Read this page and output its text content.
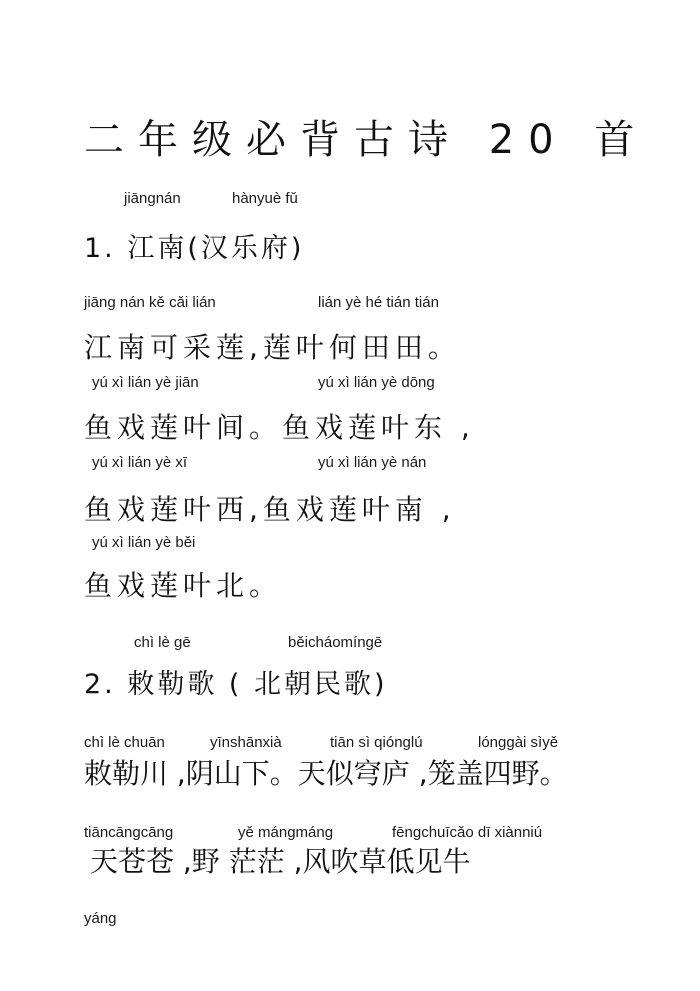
二年级必背古诗 20 首
jiāngnán	hànyuè fǔ
1. 江南(汉乐府)
jiāng nán kě cǎi lián	lián yè hé tián tián
江南可采莲,莲叶何田田。
yú xì lián yè jiān	yú xì lián yè dōng
鱼戏莲叶间。鱼戏莲叶东 ,
yú xì lián yè xī	yú xì lián yè nán
鱼戏莲叶西,鱼戏莲叶南 ,
yú xì lián yè běi
鱼戏莲叶北。
chì lè gē	běicháomíngē
2. 敕勒歌 ( 北朝民歌)
chì lè chuān	yīnshānxià	tiān sì qiónglú	lónggài sìyě
敕勒川 ,阴山下。天似穹庐 ,笼盖四野。
tiāncāngcāng	yě mángmáng	fēngchuīcǎo dī xiànniú
天苍苍 ,野 茫茫 ,风吹草低见牛
yáng
